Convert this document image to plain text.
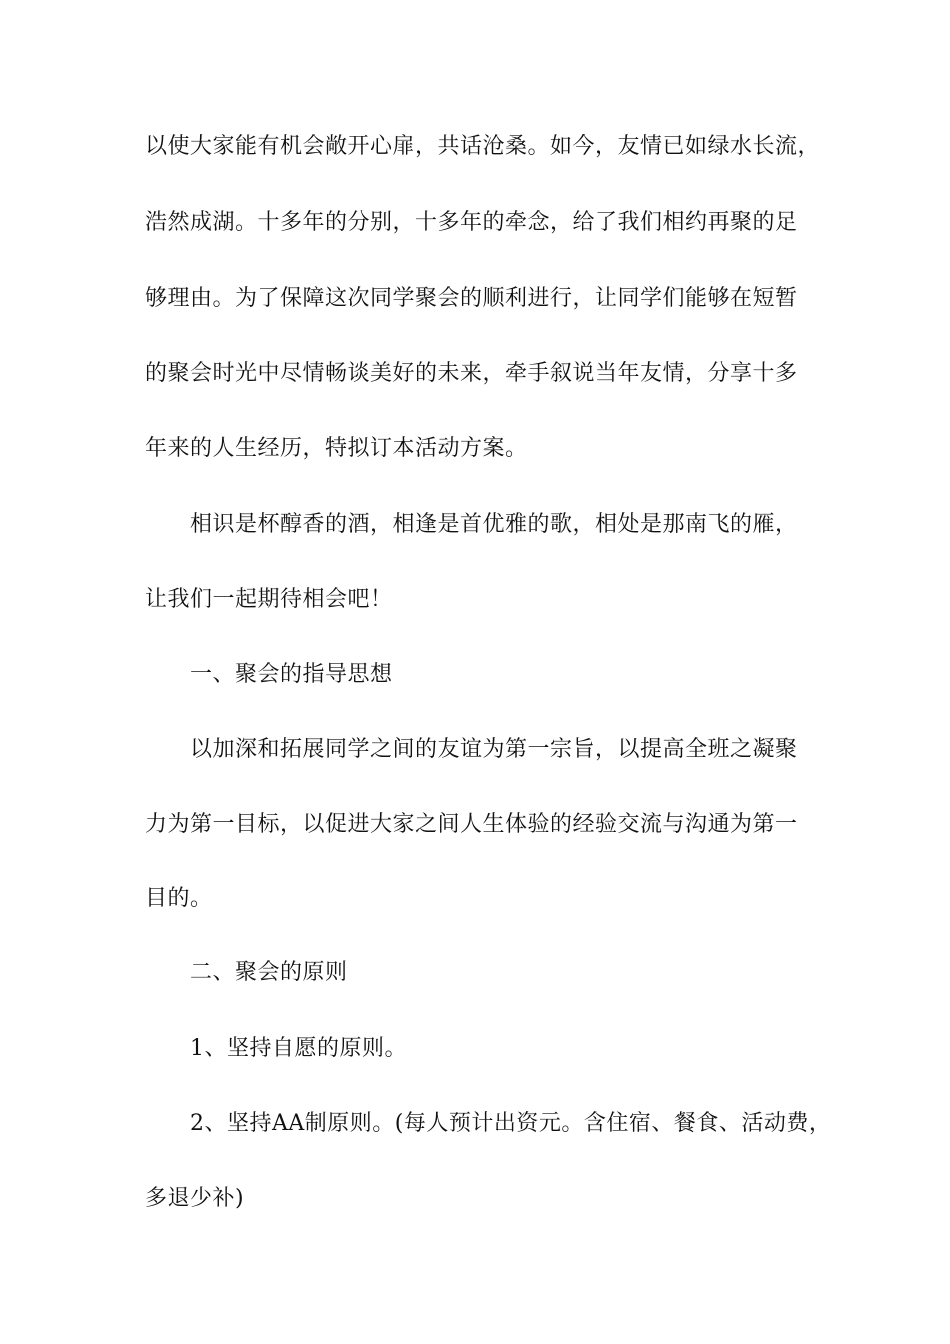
以使大家能有机会敞开心扉，共话沧桑。如今，友情已如绿水长流，
浩然成湖。十多年的分别，十多年的牵念，给了我们相约再聚的足
够理由。为了保障这次同学聚会的顺利进行，让同学们能够在短暂
的聚会时光中尽情畅谈美好的未来，牵手叙说当年友情，分享十多
年来的人生经历，特拟订本活动方案。
相识是杯醇香的酒，相逢是首优雅的歌，相处是那南飞的雁，
让我们一起期待相会吧！
一、聚会的指导思想
以加深和拓展同学之间的友谊为第一宗旨，以提高全班之凝聚
力为第一目标，以促进大家之间人生体验的经验交流与沟通为第一
目的。
二、聚会的原则
1、坚持自愿的原则。
2、坚持AA制原则。(每人预计出资元。含住宿、餐食、活动费，
多退少补)
